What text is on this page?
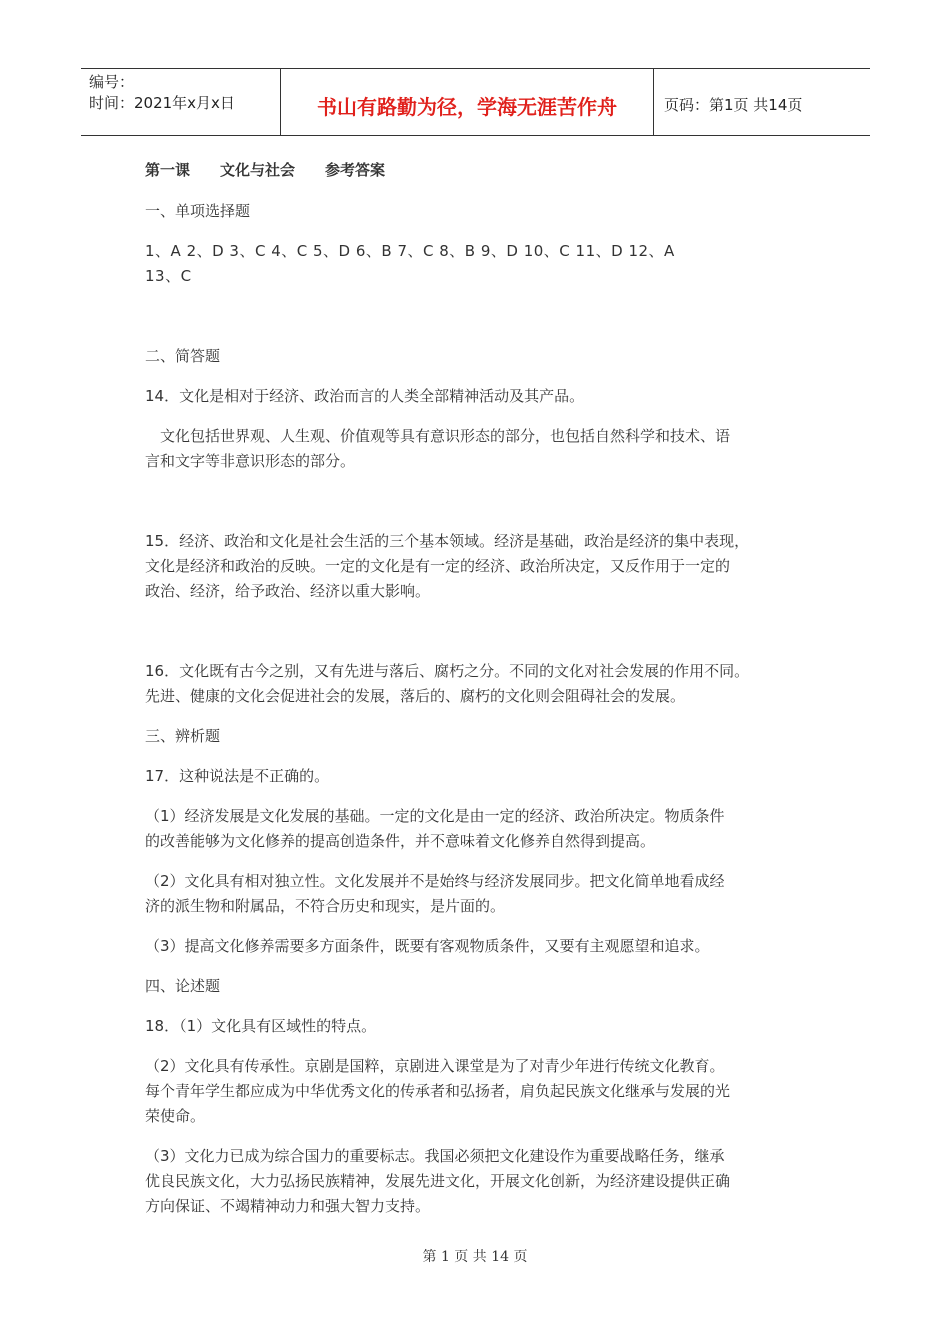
编号：
时间：2021年x月x日	书山有路勤为径，学海无涯苦作舟	页码：第1页 共14页
第一课　　文化与社会　　参考答案
一、单项选择题
1、A 2、D 3、C 4、C 5、D 6、B 7、C 8、B 9、D 10、C 11、D 12、A
13、C
二、简答题
14．文化是相对于经济、政治而言的人类全部精神活动及其产品。
　文化包括世界观、人生观、价值观等具有意识形态的部分，也包括自然科学和技术、语
言和文字等非意识形态的部分。
15．经济、政治和文化是社会生活的三个基本领域。经济是基础，政治是经济的集中表现，
文化是经济和政治的反映。一定的文化是有一定的经济、政治所决定，又反作用于一定的
政治、经济，给予政治、经济以重大影响。
16．文化既有古今之别，又有先进与落后、腐朽之分。不同的文化对社会发展的作用不同。
先进、健康的文化会促进社会的发展，落后的、腐朽的文化则会阻碍社会的发展。
三、辨析题
17．这种说法是不正确的。
（1）经济发展是文化发展的基础。一定的文化是由一定的经济、政治所决定。物质条件
的改善能够为文化修养的提高创造条件，并不意味着文化修养自然得到提高。
（2）文化具有相对独立性。文化发展并不是始终与经济发展同步。把文化简单地看成经
济的派生物和附属品，不符合历史和现实，是片面的。
（3）提高文化修养需要多方面条件，既要有客观物质条件，又要有主观愿望和追求。
四、论述题
18．（1）文化具有区域性的特点。
（2）文化具有传承性。京剧是国粹，京剧进入课堂是为了对青少年进行传统文化教育。
每个青年学生都应成为中华优秀文化的传承者和弘扬者，肩负起民族文化继承与发展的光
荣使命。
（3）文化力已成为综合国力的重要标志。我国必须把文化建设作为重要战略任务，继承
优良民族文化，大力弘扬民族精神，发展先进文化，开展文化创新，为经济建设提供正确
方向保证、不竭精神动力和强大智力支持。
第 1 页 共 14 页
